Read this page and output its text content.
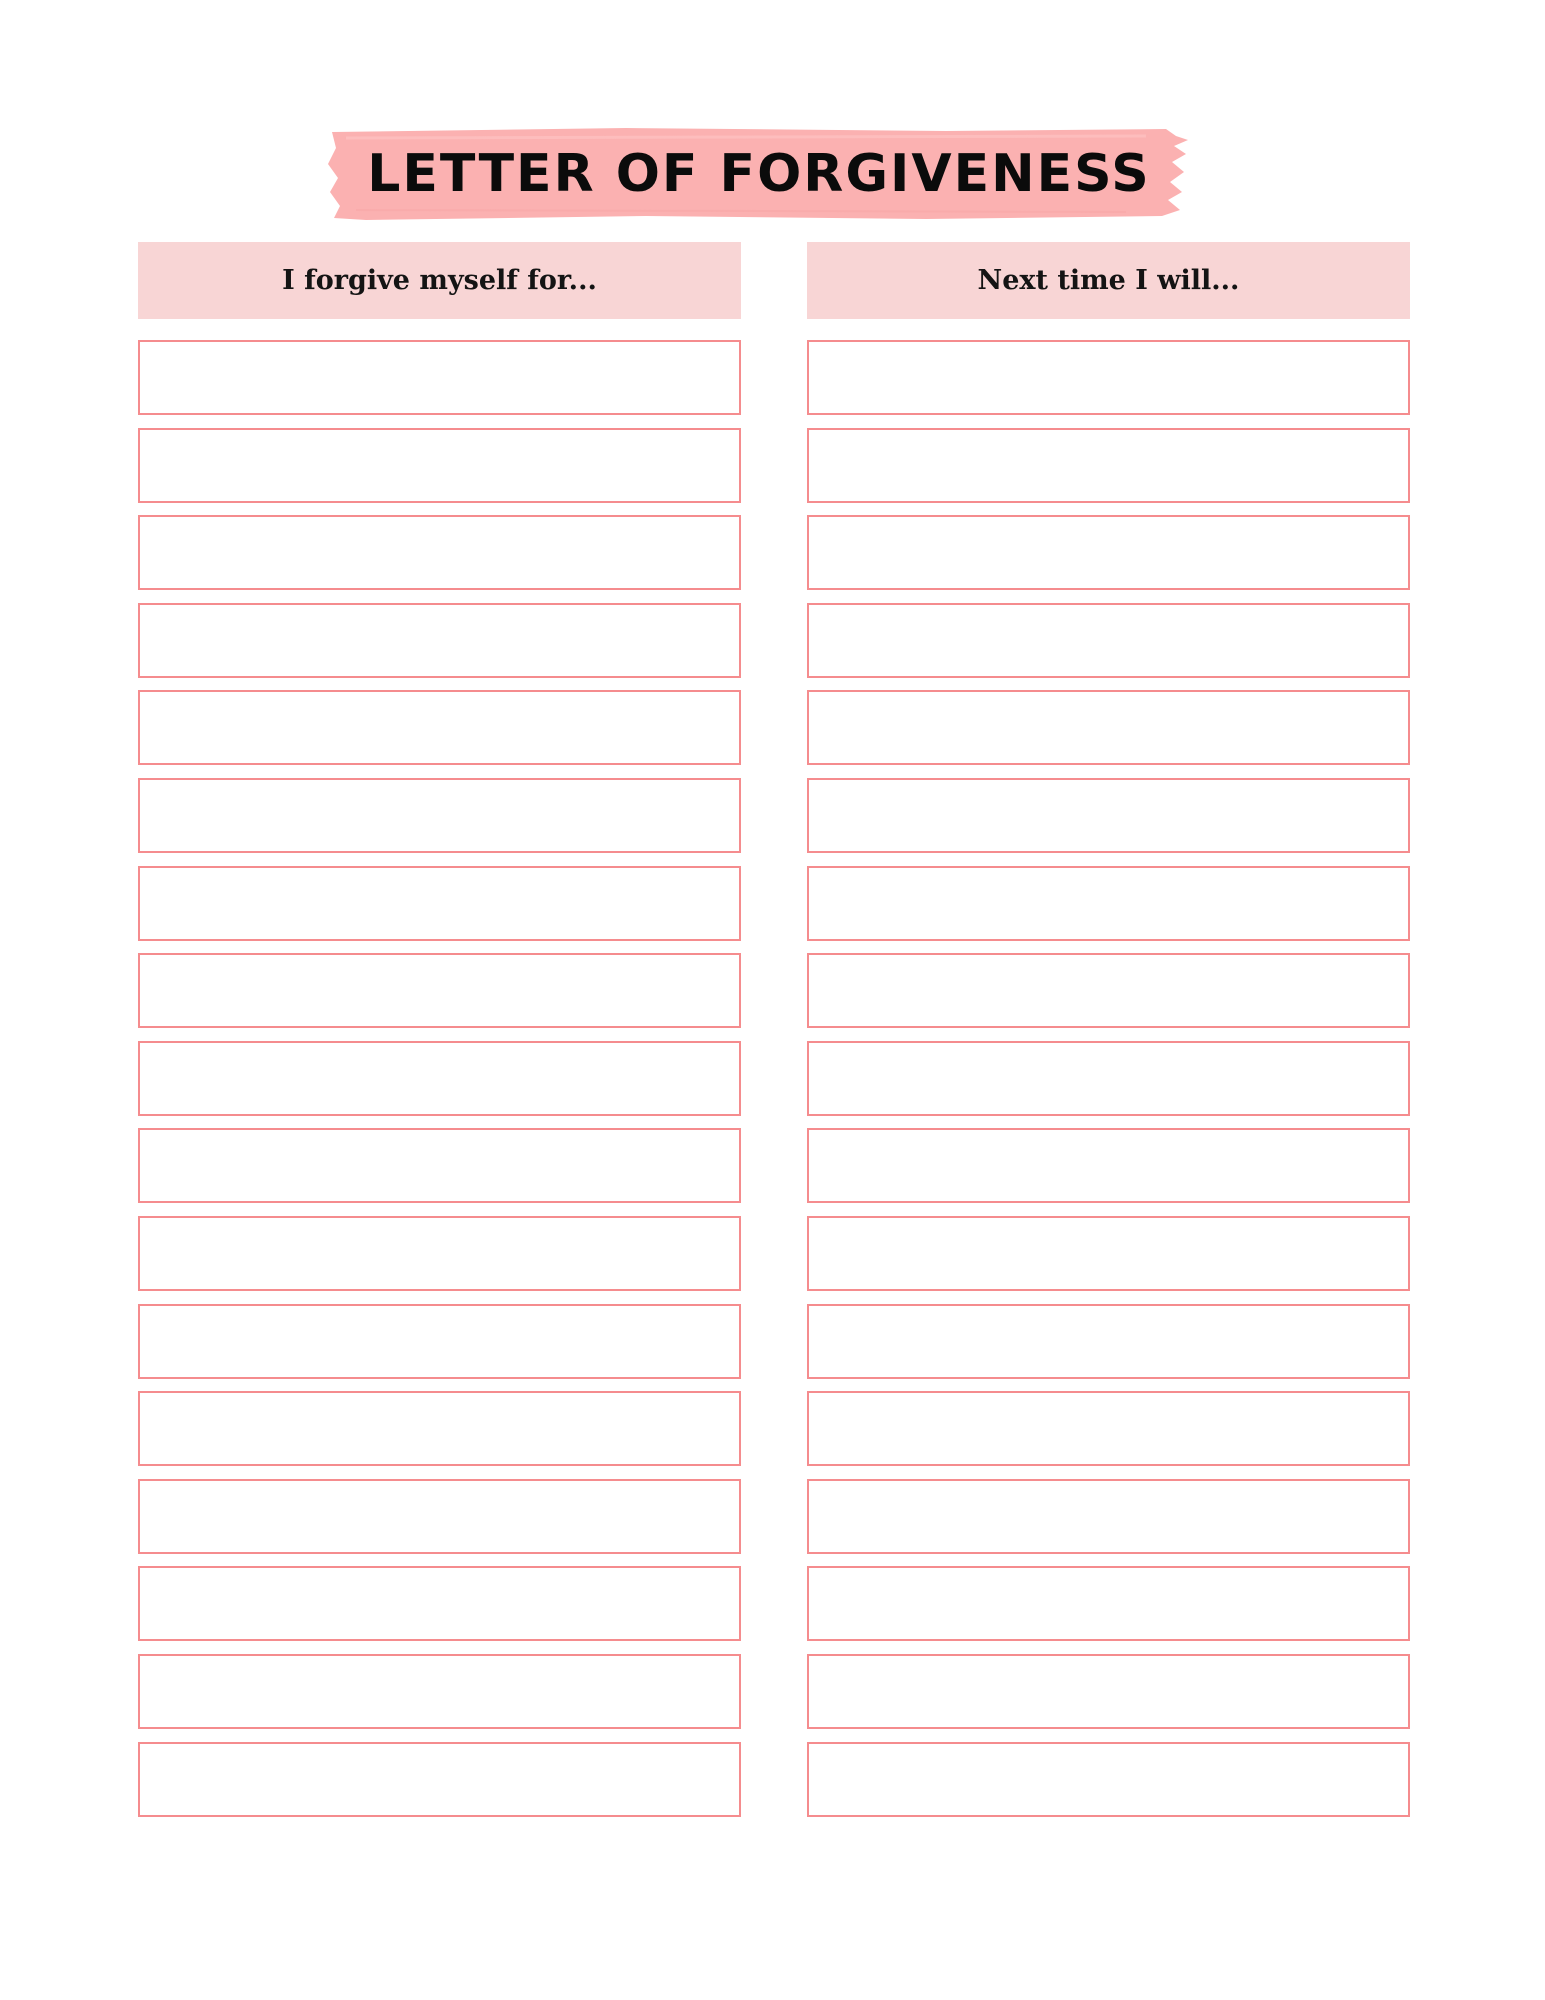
LETTER OF FORGIVENESS
I forgive myself for...	Next time I will...
